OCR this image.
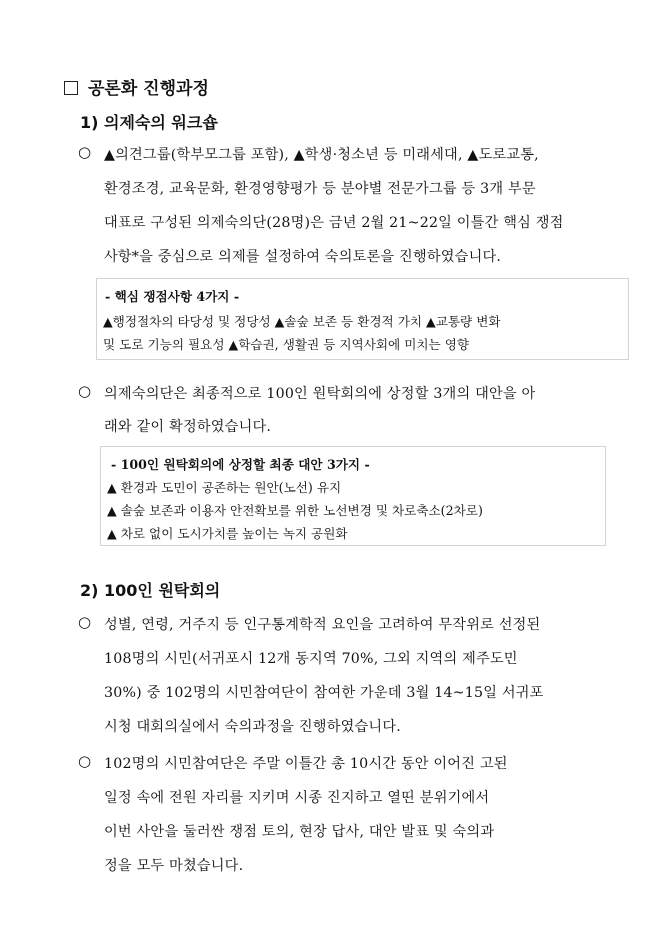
공론화 진행과정
1) 의제숙의 워크숍
○ ▲의견그룹(학부모그룹 포함), ▲학생·청소년 등 미래세대, ▲도로교통,
환경조경, 교육문화, 환경영향평가 등 분야별 전문가그룹 등 3개 부문
대표로 구성된 의제숙의단(28명)은 금년 2월 21~22일 이틀간 핵심 쟁점
사항*을 중심으로 의제를 설정하여 숙의토론을 진행하였습니다.
- 핵심 쟁점사항 4가지 -
▲행정절차의 타당성 및 정당성 ▲솔숲 보존 등 환경적 가치 ▲교통량 변화
및 도로 기능의 필요성 ▲학습권, 생활권 등 지역사회에 미치는 영향
○ 의제숙의단은 최종적으로 100인 원탁회의에 상정할 3개의 대안을 아
래와 같이 확정하였습니다.
- 100인 원탁회의에 상정할 최종 대안 3가지 -
▲ 환경과 도민이 공존하는 원안(노선) 유지
▲ 솔숲 보존과 이용자 안전확보를 위한 노선변경 및 차로축소(2차로)
▲ 차로 없이 도시가치를 높이는 녹지 공원화
2) 100인 원탁회의
○ 성별, 연령, 거주지 등 인구통계학적 요인을 고려하여 무작위로 선정된
108명의 시민(서귀포시 12개 동지역 70%, 그외 지역의 제주도민
30%) 중 102명의 시민참여단이 참여한 가운데 3월 14~15일 서귀포
시청 대회의실에서 숙의과정을 진행하였습니다.
○ 102명의 시민참여단은 주말 이틀간 총 10시간 동안 이어진 고된
일정 속에 전원 자리를 지키며 시종 진지하고 열띤 분위기에서
이번 사안을 둘러싼 쟁점 토의, 현장 답사, 대안 발표 및 숙의과
정을 모두 마쳤습니다.
